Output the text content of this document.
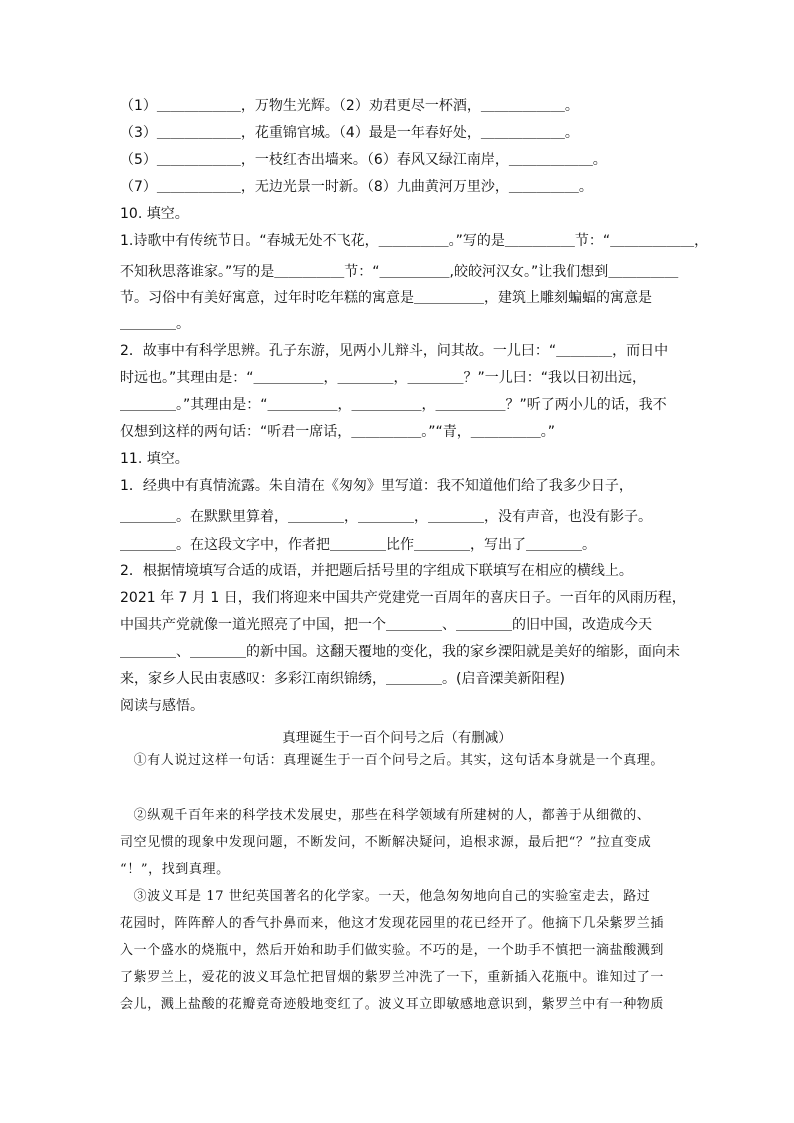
（1）＿＿＿＿＿＿，万物生光辉。（2）劝君更尽一杯酒，＿＿＿＿＿＿。
（3）＿＿＿＿＿＿，花重锦官城。（4）最是一年春好处，＿＿＿＿＿＿。
（5）＿＿＿＿＿＿，一枝红杏出墙来。（6）春风又绿江南岸，＿＿＿＿＿＿。
（7）＿＿＿＿＿＿，无边光景一时新。（8）九曲黄河万里沙，＿＿＿＿＿。
10. 填空。
1.诗歌中有传统节日。“春城无处不飞花，＿＿＿＿＿。”写的是＿＿＿＿＿节：“＿＿＿＿＿＿，
不知秋思落谁家。”写的是＿＿＿＿＿节：“＿＿＿＿＿,皎皎河汉女。”让我们想到＿＿＿＿＿
节。习俗中有美好寓意，过年时吃年糕的寓意是＿＿＿＿＿，建筑上雕刻蝙蝠的寓意是
＿＿＿＿。
2．故事中有科学思辨。孔子东游，见两小儿辩斗，问其故。一儿曰：“＿＿＿＿，而日中
时远也。”其理由是：“＿＿＿＿＿，＿＿＿＿，＿＿＿＿？”一儿曰：“我以日初出远，
＿＿＿＿。”其理由是：“＿＿＿＿＿，＿＿＿＿＿，＿＿＿＿＿？”听了两小儿的话，我不
仅想到这样的两句话：“听君一席话，＿＿＿＿＿。”“青，＿＿＿＿＿。”
11. 填空。
1．经典中有真情流露。朱自清在《匆匆》里写道：我不知道他们给了我多少日子，
＿＿＿＿。在默默里算着，＿＿＿＿，＿＿＿＿，＿＿＿＿，没有声音，也没有影子。
＿＿＿＿。在这段文字中，作者把＿＿＿＿比作＿＿＿＿，写出了＿＿＿＿。
2．根据情境填写合适的成语，并把题后括号里的字组成下联填写在相应的横线上。
2021 年 7 月 1 日，我们将迎来中国共产党建党一百周年的喜庆日子。一百年的风雨历程，
中国共产党就像一道光照亮了中国，把一个＿＿＿＿、＿＿＿＿的旧中国，改造成今天
＿＿＿＿、＿＿＿＿的新中国。这翻天覆地的变化，我的家乡溧阳就是美好的缩影，面向未
来，家乡人民由衷感叹：多彩江南织锦绣，＿＿＿＿。(启音溧美新阳程)
阅读与感悟。
真理诞生于一百个问号之后（有删减）
　①有人说过这样一句话：真理诞生于一百个问号之后。其实，这句话本身就是一个真理。
　②纵观千百年来的科学技术发展史，那些在科学领域有所建树的人，都善于从细微的、
司空见惯的现象中发现问题，不断发问，不断解决疑问，追根求源，最后把“？”拉直变成
“！”，找到真理。
　③波义耳是 17 世纪英国著名的化学家。一天，他急匆匆地向自己的实验室走去，路过
花园时，阵阵醉人的香气扑鼻而来，他这才发现花园里的花已经开了。他摘下几朵紫罗兰插
入一个盛水的烧瓶中，然后开始和助手们做实验。不巧的是，一个助手不慎把一滴盐酸溅到
了紫罗兰上，爱花的波义耳急忙把冒烟的紫罗兰冲洗了一下，重新插入花瓶中。谁知过了一
会儿，溅上盐酸的花瓣竟奇迹般地变红了。波义耳立即敏感地意识到，紫罗兰中有一种物质
